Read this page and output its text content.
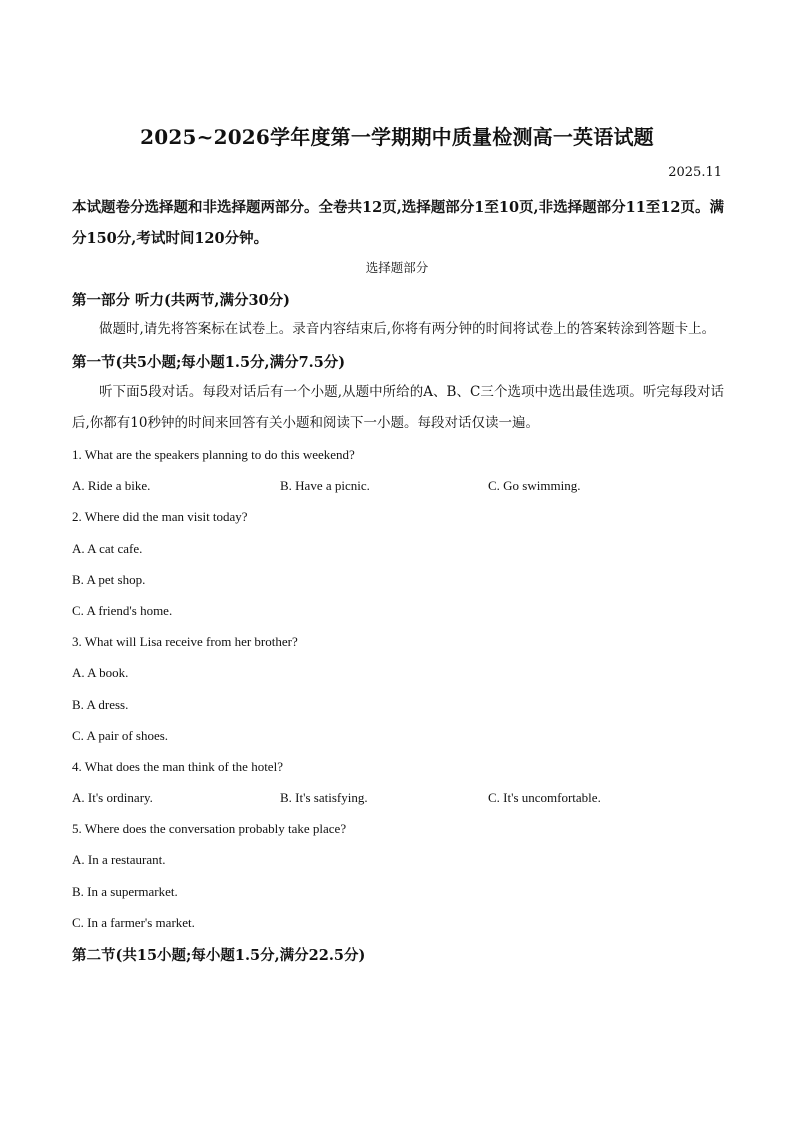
2025~2026学年度第一学期期中质量检测高一英语试题
2025.11
本试题卷分选择题和非选择题两部分。全卷共12页,选择题部分1至10页,非选择题部分11至12页。满分150分,考试时间120分钟。
选择题部分
第一部分 听力(共两节,满分30分)
做题时,请先将答案标在试卷上。录音内容结束后,你将有两分钟的时间将试卷上的答案转涂到答题卡上。
第一节(共5小题;每小题1.5分,满分7.5分)
听下面5段对话。每段对话后有一个小题,从题中所给的A、B、C三个选项中选出最佳选项。听完每段对话后,你都有10秒钟的时间来回答有关小题和阅读下一小题。每段对话仅读一遍。
1. What are the speakers planning to do this weekend?
A. Ride a bike.	B. Have a picnic.	C. Go swimming.
2. Where did the man visit today?
A. A cat cafe.
B. A pet shop.
C. A friend's home.
3. What will Lisa receive from her brother?
A. A book.
B. A dress.
C. A pair of shoes.
4. What does the man think of the hotel?
A. It's ordinary.	B. It's satisfying.	C. It's uncomfortable.
5. Where does the conversation probably take place?
A. In a restaurant.
B. In a supermarket.
C. In a farmer's market.
第二节(共15小题;每小题1.5分,满分22.5分)
